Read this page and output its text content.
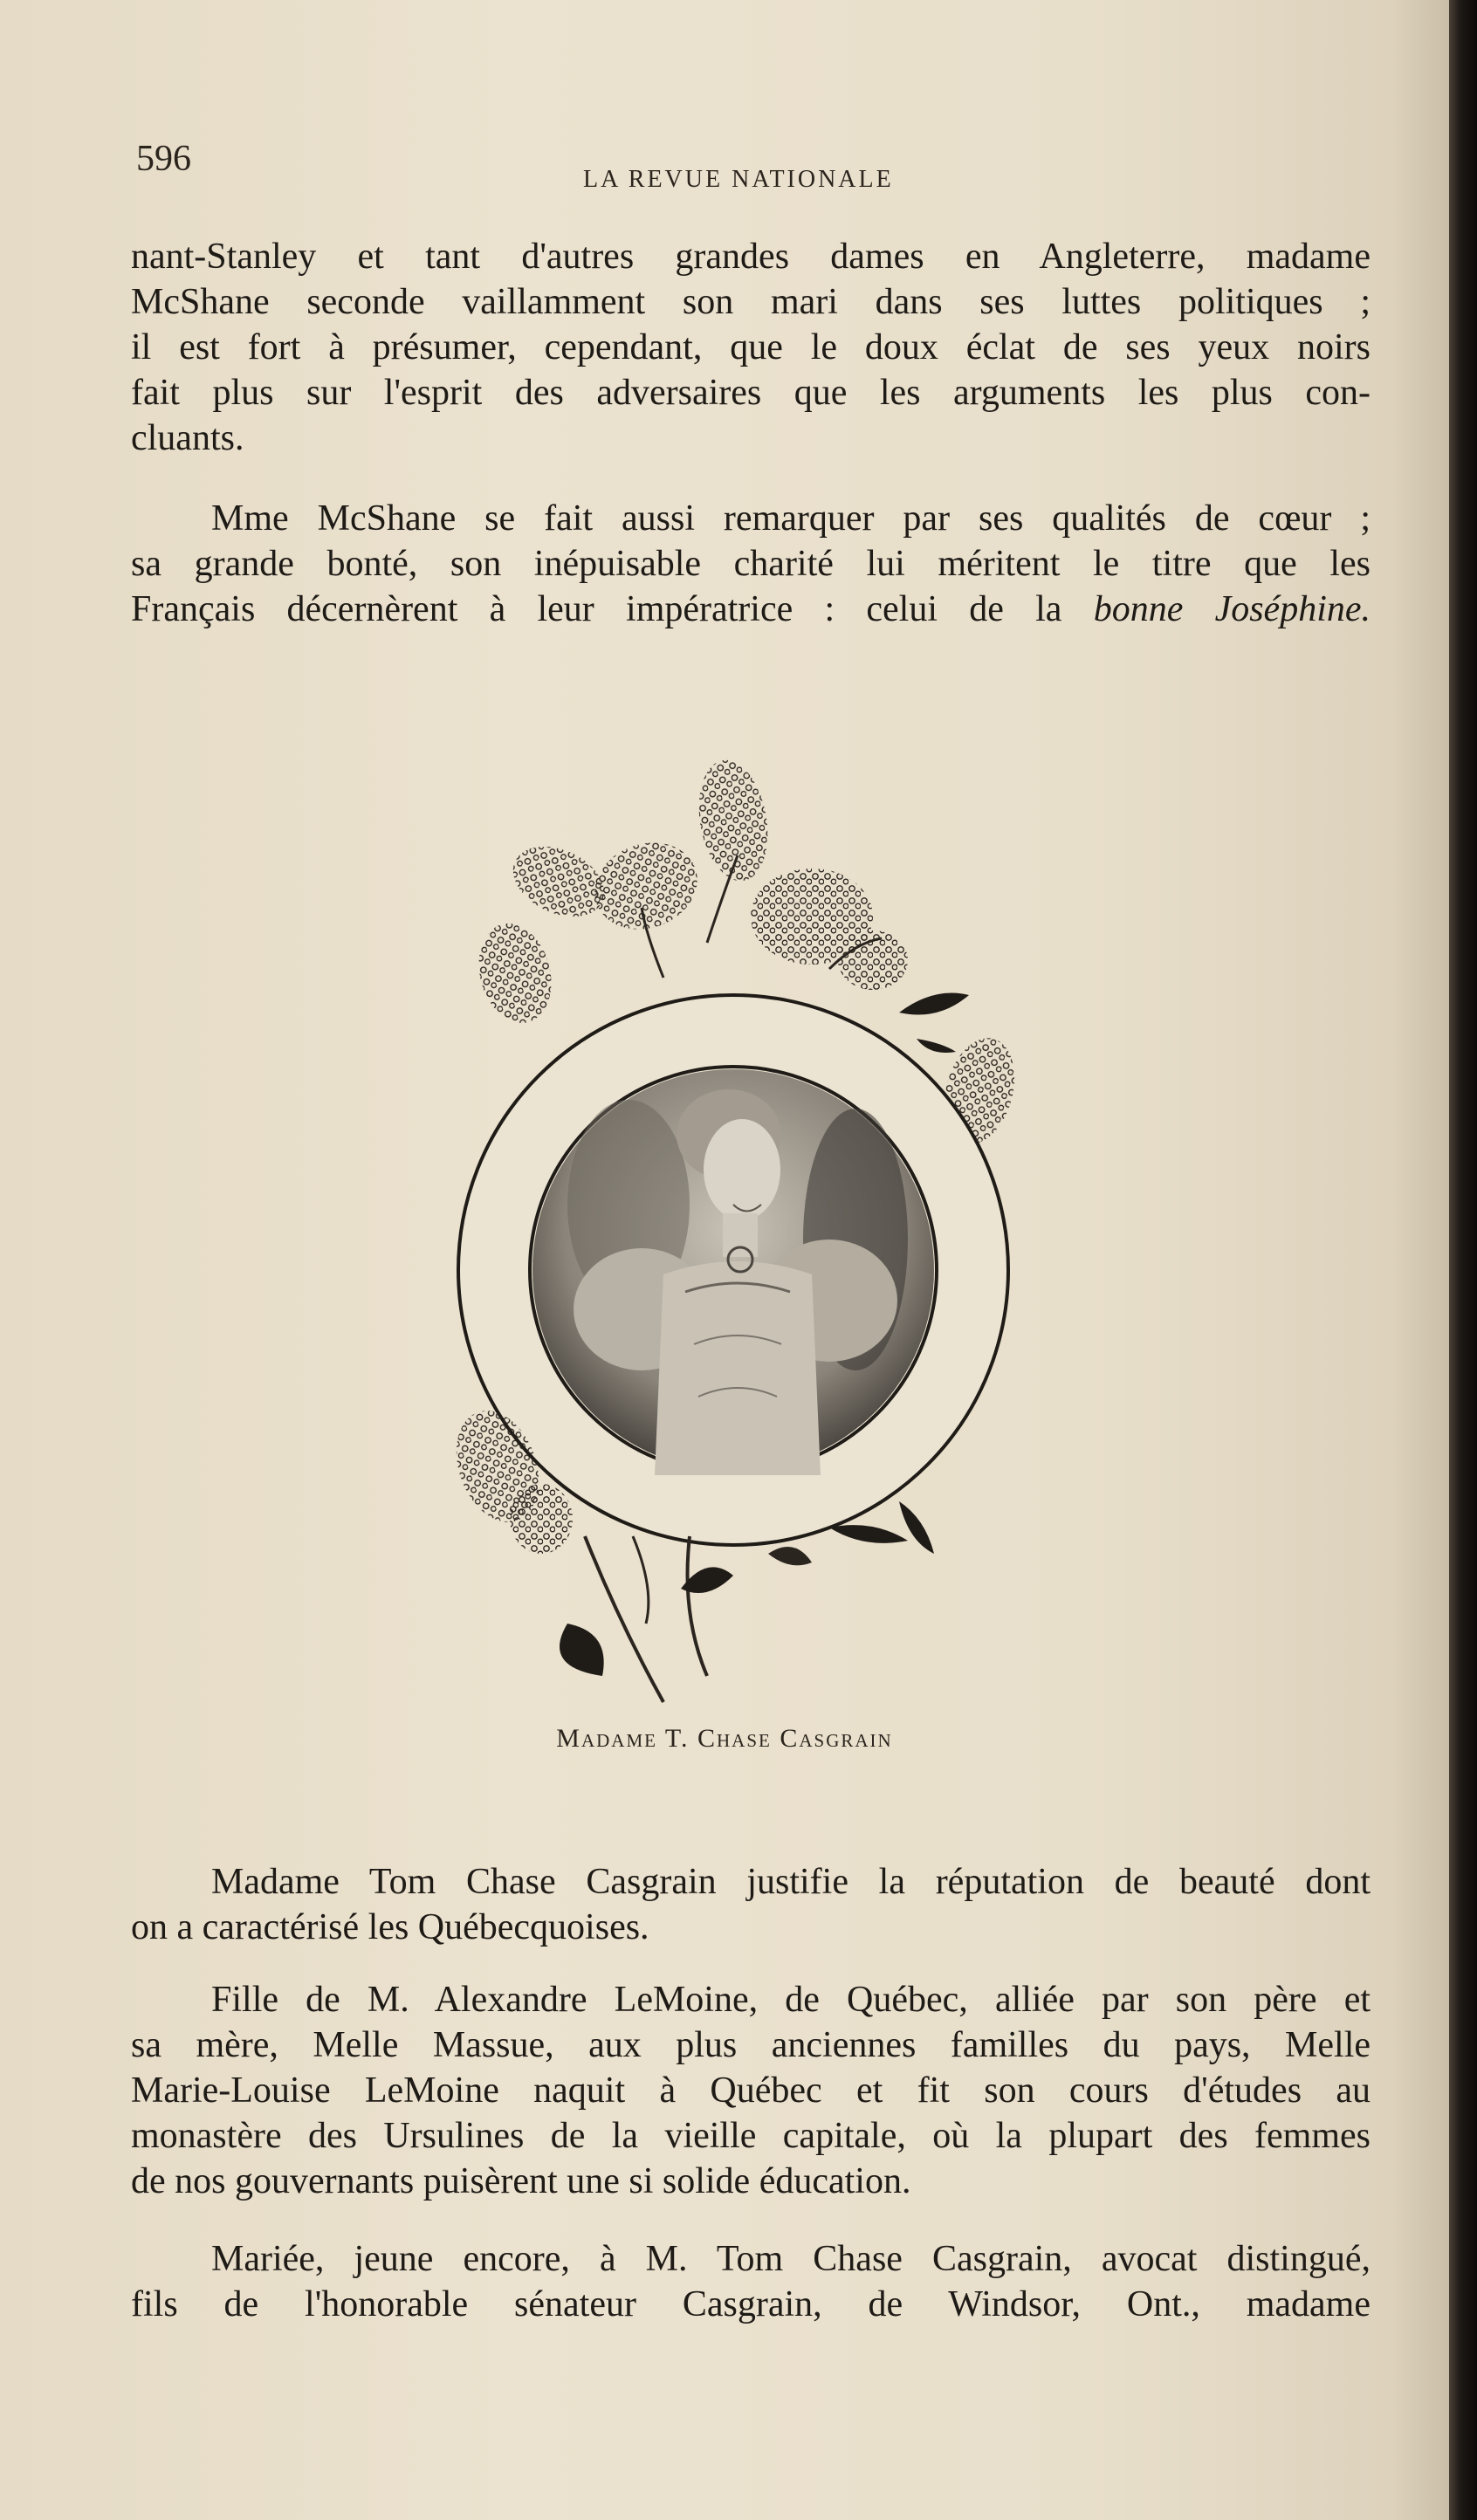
596
LA REVUE NATIONALE
nant-Stanley et tant d'autres grandes dames en Angleterre, madame
McShane seconde vaillamment son mari dans ses luttes politiques ;
il est fort à présumer, cependant, que le doux éclat de ses yeux noirs
fait plus sur l'esprit des adversaires que les arguments les plus con-
cluants.
Mme McShane se fait aussi remarquer par ses qualités de cœur ;
sa grande bonté, son inépuisable charité lui méritent le titre que les
Français décernèrent à leur impératrice : celui de la bonne Joséphine.
Madame T. Chase Casgrain
Madame Tom Chase Casgrain justifie la réputation de beauté dont
on a caractérisé les Québecquoises.
Fille de M. Alexandre LeMoine, de Québec, alliée par son père et
sa mère, Melle Massue, aux plus anciennes familles du pays, Melle
Marie-Louise LeMoine naquit à Québec et fit son cours d'études au
monastère des Ursulines de la vieille capitale, où la plupart des femmes
de nos gouvernants puisèrent une si solide éducation.
Mariée, jeune encore, à M. Tom Chase Casgrain, avocat distingué,
fils de l'honorable sénateur Casgrain, de Windsor, Ont., madame
